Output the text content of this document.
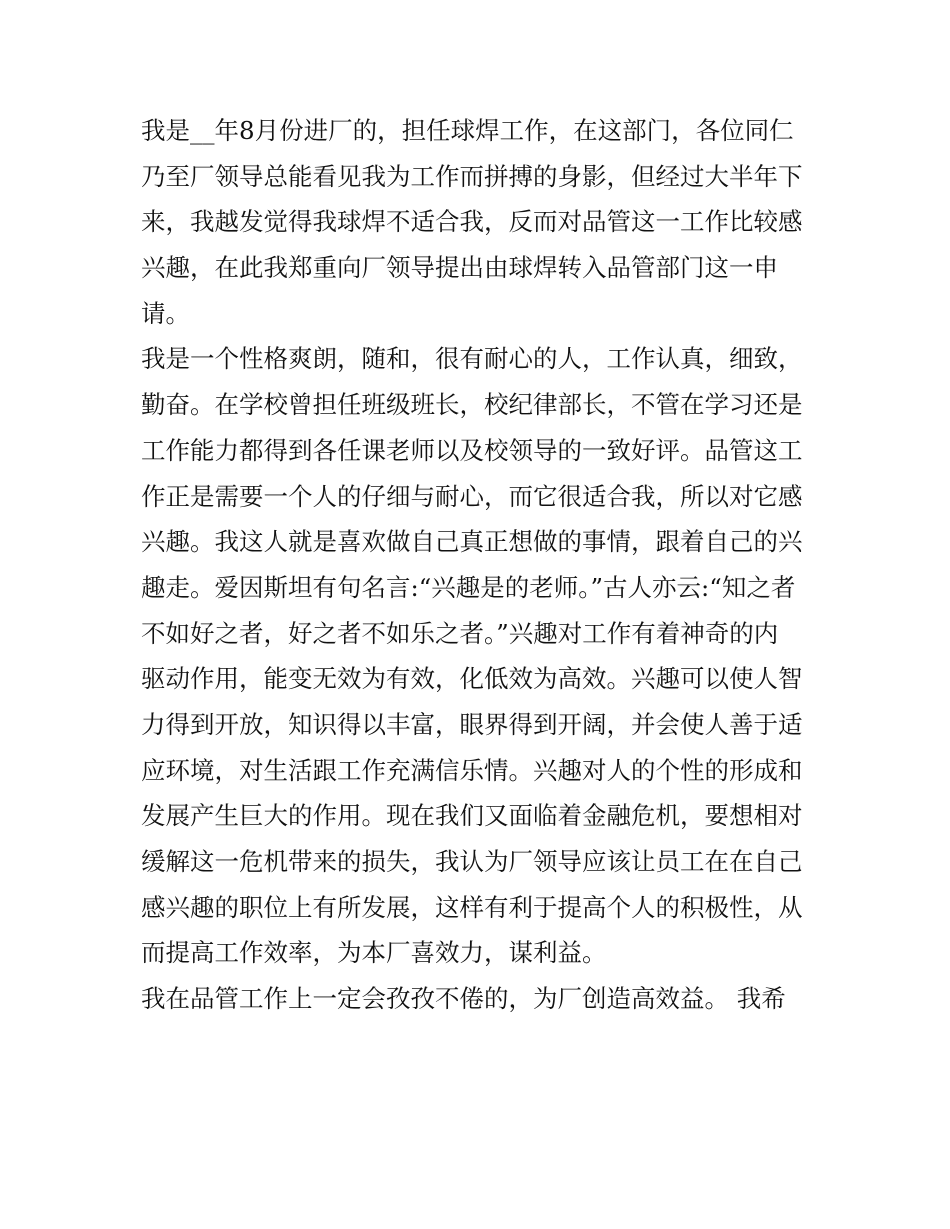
我是__年8月份进厂的，担任球焊工作，在这部门，各位同仁
乃至厂领导总能看见我为工作而拼搏的身影，但经过大半年下
来，我越发觉得我球焊不适合我，反而对品管这一工作比较感
兴趣，在此我郑重向厂领导提出由球焊转入品管部门这一申
请。
我是一个性格爽朗，随和，很有耐心的人，工作认真，细致，
勤奋。在学校曾担任班级班长，校纪律部长，不管在学习还是
工作能力都得到各任课老师以及校领导的一致好评。品管这工
作正是需要一个人的仔细与耐心，而它很适合我，所以对它感
兴趣。我这人就是喜欢做自己真正想做的事情，跟着自己的兴
趣走。爱因斯坦有句名言:“兴趣是的老师。”古人亦云:“知之者
不如好之者，好之者不如乐之者。”兴趣对工作有着神奇的内
驱动作用，能变无效为有效，化低效为高效。兴趣可以使人智
力得到开放，知识得以丰富，眼界得到开阔，并会使人善于适
应环境，对生活跟工作充满信乐情。兴趣对人的个性的形成和
发展产生巨大的作用。现在我们又面临着金融危机，要想相对
缓解这一危机带来的损失，我认为厂领导应该让员工在在自己
感兴趣的职位上有所发展，这样有利于提高个人的积极性，从
而提高工作效率，为本厂喜效力，谋利益。
我在品管工作上一定会孜孜不倦的，为厂创造高效益。 我希
